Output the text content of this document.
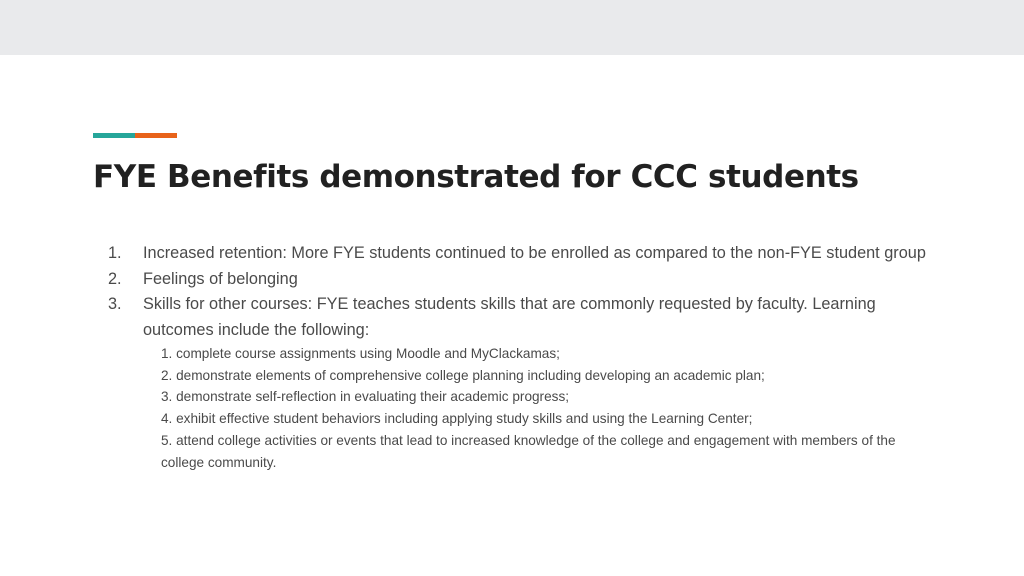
FYE Benefits demonstrated for CCC students
1.	Increased retention: More FYE students continued to be enrolled as compared to the non-FYE student group
2.	Feelings of belonging
3.	Skills for other courses: FYE teaches students skills that are commonly requested by faculty. Learning outcomes include the following:
1. complete course assignments using Moodle and MyClackamas;
2. demonstrate elements of comprehensive college planning including developing an academic plan;
3. demonstrate self-reflection in evaluating their academic progress;
4. exhibit effective student behaviors including applying study skills and using the Learning Center;
5. attend college activities or events that lead to increased knowledge of the college and engagement with members of the college community.
